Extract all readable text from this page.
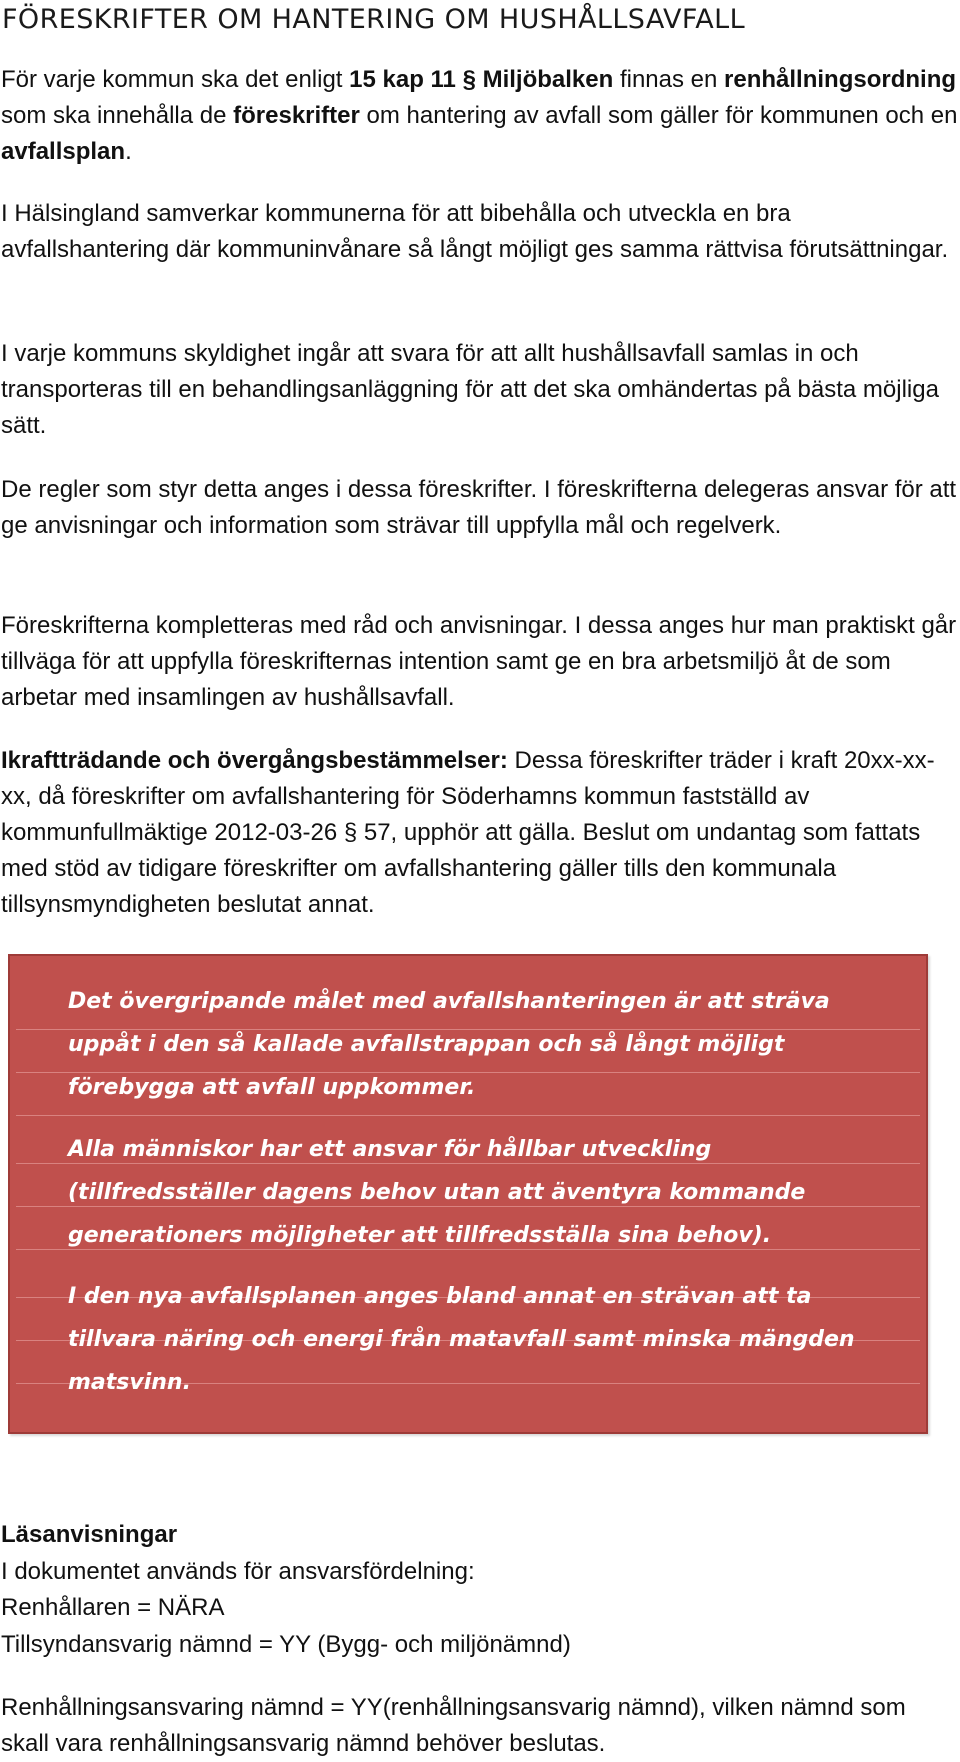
FÖRESKRIFTER OM HANTERING OM HUSHÅLLSAVFALL

För varje kommun ska det enligt 15 kap 11 § Miljöbalken finnas en renhållningsordning som ska innehålla de föreskrifter om hantering av avfall som gäller för kommunen och en avfallsplan.

I Hälsingland samverkar kommunerna för att bibehålla och utveckla en bra avfallshantering där kommuninvånare så långt möjligt ges samma rättvisa förutsättningar.

I varje kommuns skyldighet ingår att svara för att allt hushållsavfall samlas in och transporteras till en behandlingsanläggning för att det ska omhändertas på bästa möjliga sätt.

De regler som styr detta anges i dessa föreskrifter. I föreskrifterna delegeras ansvar för att ge anvisningar och information som strävar till uppfylla mål och regelverk.

Föreskrifterna kompletteras med råd och anvisningar. I dessa anges hur man praktiskt går tillväga för att uppfylla föreskrifternas intention samt ge en bra arbetsmiljö åt de som arbetar med insamlingen av hushållsavfall.

Ikraftträdande och övergångsbestämmelser: Dessa föreskrifter träder i kraft 20xx-xx-xx, då föreskrifter om avfallshantering för Söderhamns kommun fastställd av kommunfullmäktige 2012-03-26 § 57, upphör att gälla. Beslut om undantag som fattats med stöd av tidigare föreskrifter om avfallshantering gäller tills den kommunala tillsynsmyndigheten beslutat annat.

Det övergripande målet med avfallshanteringen är att sträva uppåt i den så kallade avfallstrappan och så långt möjligt förebygga att avfall uppkommer.

Alla människor har ett ansvar för hållbar utveckling (tillfredsställer dagens behov utan att äventyra kommande generationers möjligheter att tillfredsställa sina behov).

I den nya avfallsplanen anges bland annat en strävan att ta tillvara näring och energi från matavfall samt minska mängden matsvinn.

Läsanvisningar
I dokumentet används för ansvarsfördelning:
Renhållaren = NÄRA
Tillsyndansvarig nämnd = YY (Bygg- och miljönämnd)

Renhållningsansvaring nämnd = YY(renhållningsansvarig nämnd), vilken nämnd som skall vara renhållningsansvarig nämnd behöver beslutas.
